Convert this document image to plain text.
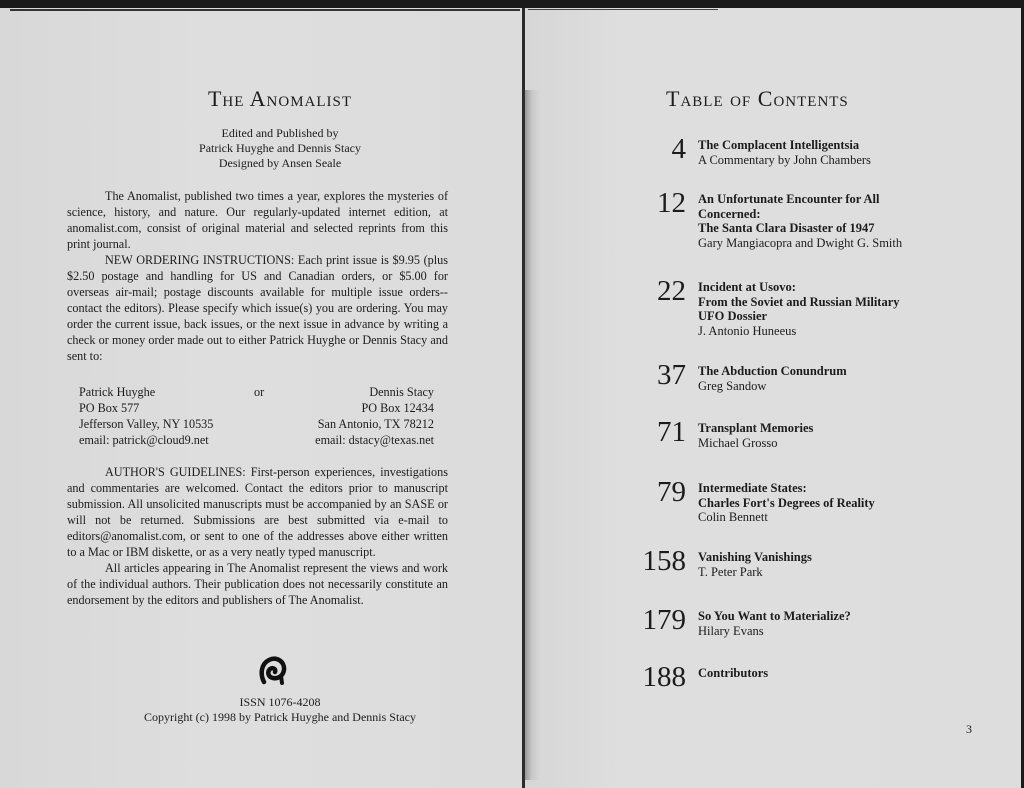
The Anomalist
Edited and Published by
Patrick Huyghe and Dennis Stacy
Designed by Ansen Seale

The Anomalist, published two times a year, explores the mysteries of science, history, and nature. Our regularly-updated internet edition, at anomalist.com, consist of original material and selected reprints from this print journal.

NEW ORDERING INSTRUCTIONS: Each print issue is $9.95 (plus $2.50 postage and handling for US and Canadian orders, or $5.00 for overseas air-mail; postage discounts available for multiple issue orders--contact the editors). Please specify which issue(s) you are ordering. You may order the current issue, back issues, or the next issue in advance by writing a check or money order made out to either Patrick Huyghe or Dennis Stacy and sent to:

Patrick Huyghe
PO Box 577
Jefferson Valley, NY 10535
email: patrick@cloud9.net
or	Dennis Stacy
PO Box 12434
San Antonio, TX 78212
email: dstacy@texas.net

AUTHOR'S GUIDELINES: First-person experiences, investigations and commentaries are welcomed. Contact the editors prior to manuscript submission. All unsolicited manuscripts must be accompanied by an SASE or will not be returned. Submissions are best submitted via e-mail to editors@anomalist.com, or sent to one of the addresses above either written to a Mac or IBM diskette, or as a very neatly typed manuscript.

All articles appearing in The Anomalist represent the views and work of the individual authors. Their publication does not necessarily constitute an endorsement by the editors and publishers of The Anomalist.

ISSN 1076-4208
Copyright (c) 1998 by Patrick Huyghe and Dennis Stacy
Table of Contents
4 The Complacent Intelligentsia
A Commentary by John Chambers
12 An Unfortunate Encounter for All
Concerned:
The Santa Clara Disaster of 1947
Gary Mangiacopra and Dwight G. Smith
22 Incident at Usovo:
From the Soviet and Russian Military
UFO Dossier
J. Antonio Huneeus
37 The Abduction Conundrum
Greg Sandow
71 Transplant Memories
Michael Grosso
79 Intermediate States:
Charles Fort's Degrees of Reality
Colin Bennett
158 Vanishing Vanishings
T. Peter Park
179 So You Want to Materialize?
Hilary Evans
188 Contributors
3
